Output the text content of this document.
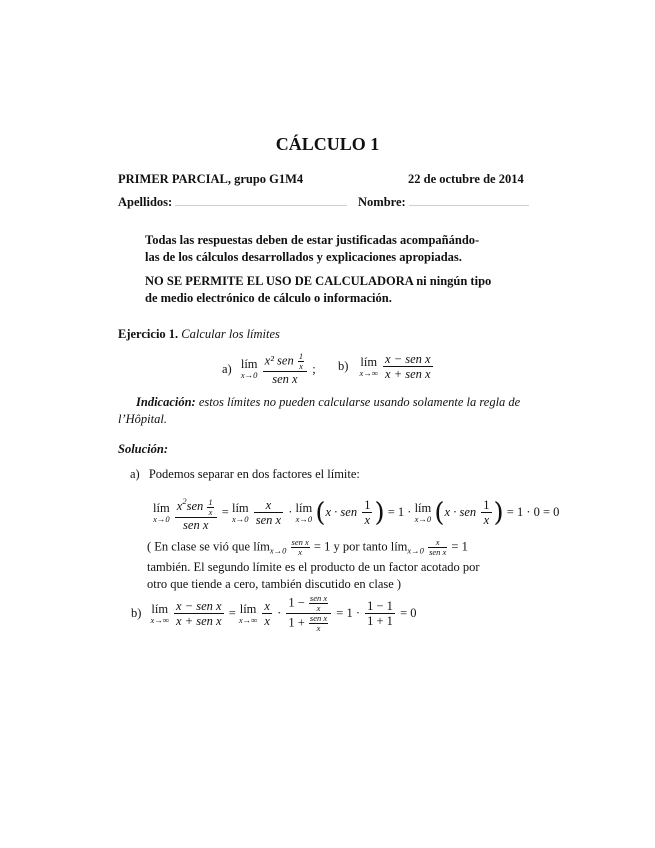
CÁLCULO 1
PRIMER PARCIAL, grupo G1M4	22 de octubre de 2014
Apellidos:	Nombre:
Todas las respuestas deben de estar justificadas acompañándo-
las de los cálculos desarrollados y explicaciones apropiadas.
NO SE PERMITE EL USO DE CALCULADORA ni ningún tipo
de medio electrónico de cálculo o información.
Ejercicio 1. Calcular los límites
a) lím
x→0
$\frac{x^2 sen \frac{1}{x}}{\text{sen x}}$ ; b) lím
x→∞
$\frac{\text{x − sen x}}{\text{x + sen x}}$
Indicación: estos límites no pueden calcularse usando solamente la regla de
l’Hôpital.
Solución:
a) Podemos separar en dos factores el límite:
lím
x→0
$\frac{x^2sen \frac{1}{x}}{\text{sen x}}$ = lím
x→0
$\frac{x}{\text{sen x}}$ · lím
x→0 (x · sen $\frac{1}{x}$ ) = 1 · lím
x→0 (x · sen $\frac{1}{x}$ ) = 1 · 0 = 0
( En clase se vió que lím$_{x\to 0}$ $\frac{\text{sen x}}{x} = 1$ y por tanto lím$_{x\to 0}$ $\frac{x}{\text{sen x}} = 1$
también. El segundo límite es el producto de un factor acotado por
otro que tiende a cero, también discutido en clase )
b) lím
x→∞
$\frac{\text{x − sen x}}{\text{x + sen x}}$ = lím
x→∞
$\frac{x}{x} \cdot \frac{1 - \frac{\text{sen x}}{x}}{1 + \frac{\text{sen x}}{x}} = 1 \cdot \frac{1 - 1}{1 + 1} = 0$
